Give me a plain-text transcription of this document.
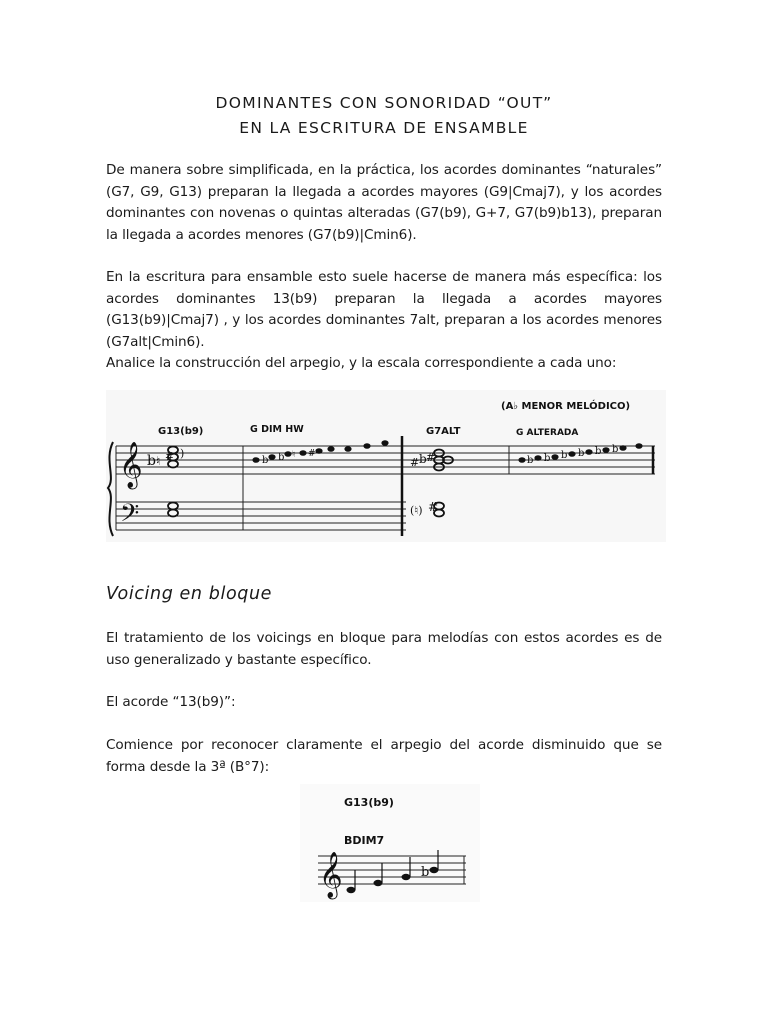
DOMINANTES CON SONORIDAD “OUT”
EN LA ESCRITURA DE ENSAMBLE
De manera sobre simplificada, en la práctica, los acordes dominantes “naturales” (G7, G9, G13) preparan la llegada a acordes mayores (G9|Cmaj7), y los acordes dominantes con novenas o quintas alteradas (G7(b9), G+7, G7(b9)b13), preparan la llegada a acordes menores (G7(b9)|Cmin6).
En la escritura para ensamble esto suele hacerse de manera más específica: los acordes dominantes 13(b9) preparan la llegada a acordes mayores (G13(b9)|Cmaj7) , y los acordes dominantes 7alt, preparan a los acordes menores (G7alt|Cmin6).
Analice la construcción del arpegio, y la escala correspondiente a cada uno:
(A♭ MENOR MELÓDICO)
G13(b9)	G DIM HW	G7ALT	G ALTERADA
𝄞
𝄢
b ♮ # )
b b ♮ #
# b #
(♮) #
b b b b b b
Voicing en bloque
El tratamiento de los voicings en bloque para melodías con estos acordes es de uso generalizado y bastante específico.
El acorde “13(b9)”:
Comience por reconocer claramente el arpegio del acorde disminuido que se forma desde la 3ª (B°7):
G13(b9)
BDIM7
𝄞	b
